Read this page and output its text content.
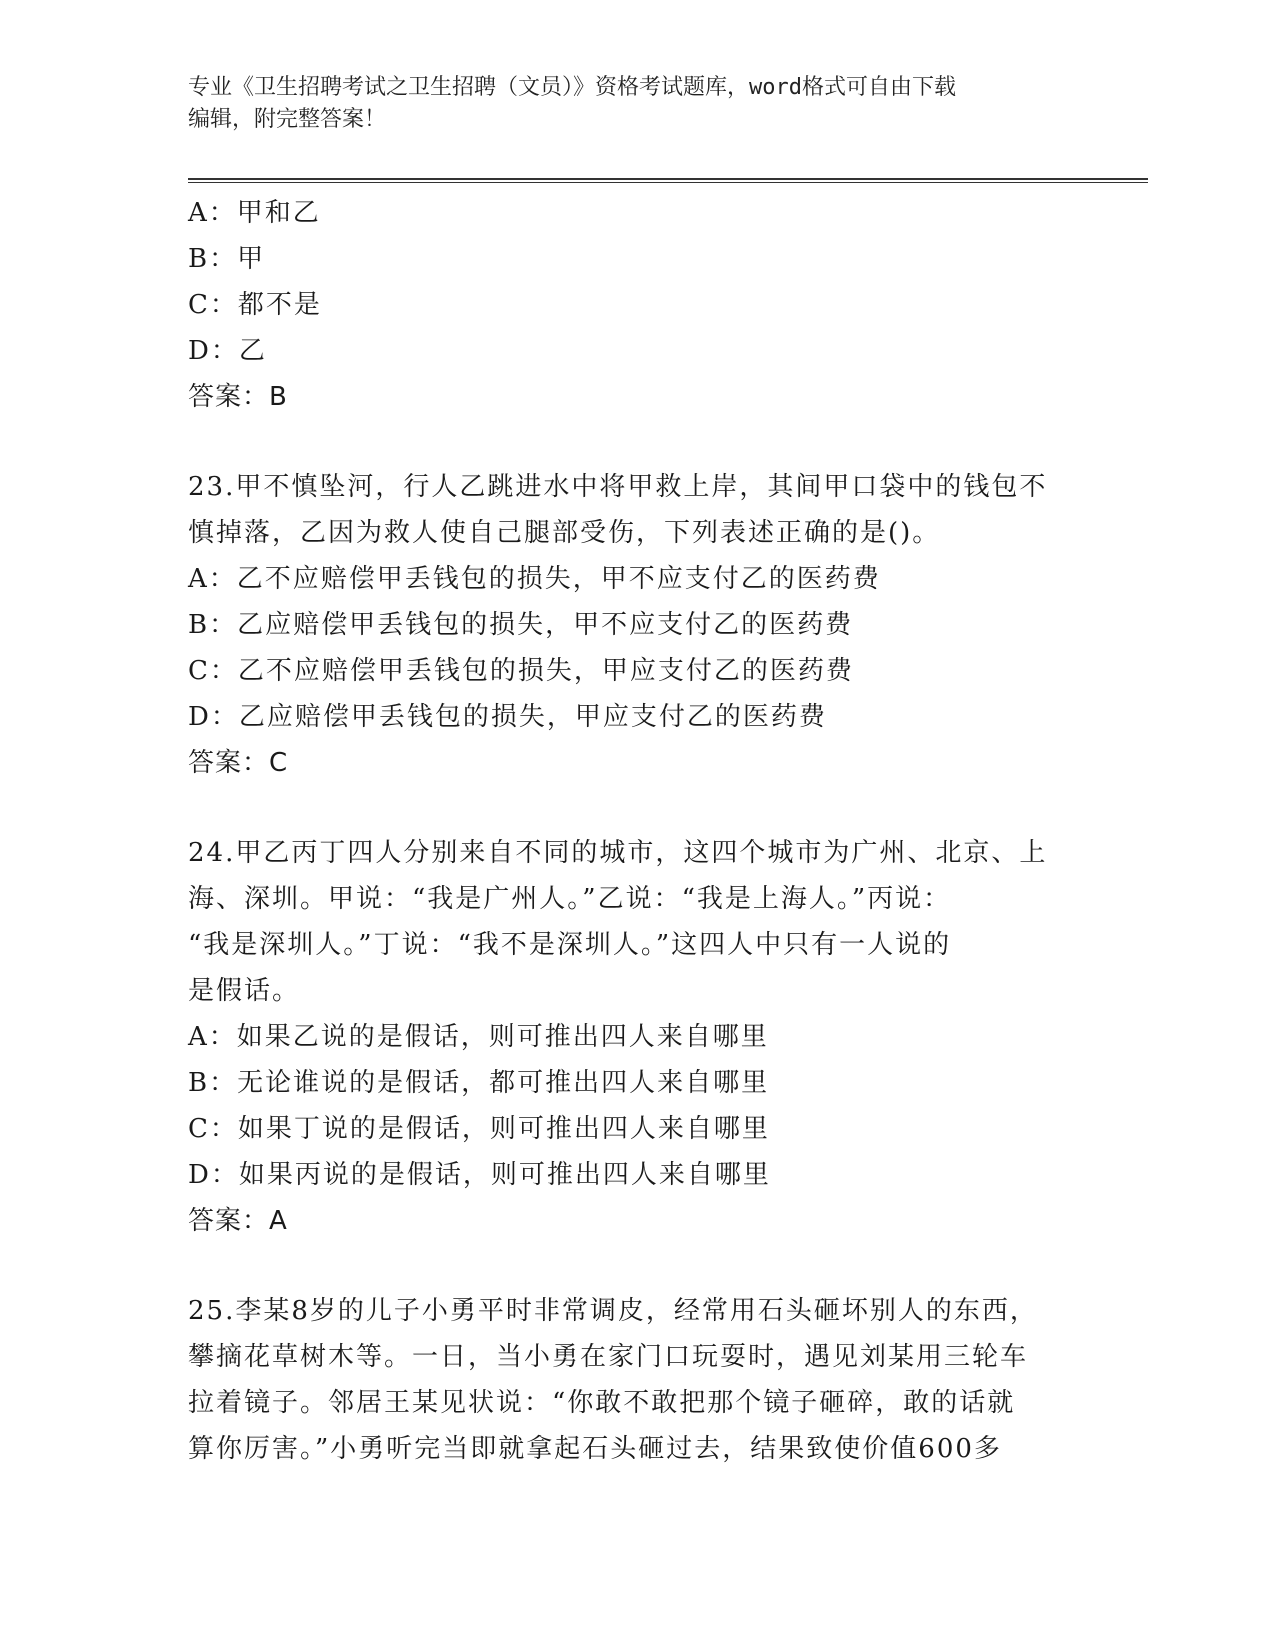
专业《卫生招聘考试之卫生招聘（文员）》资格考试题库，word格式可自由下载
编辑，附完整答案！
A：甲和乙
B：甲
C：都不是
D：乙
答案：B
23.甲不慎坠河，行人乙跳进水中将甲救上岸，其间甲口袋中的钱包不
慎掉落，乙因为救人使自己腿部受伤，下列表述正确的是()。
A：乙不应赔偿甲丢钱包的损失，甲不应支付乙的医药费
B：乙应赔偿甲丢钱包的损失，甲不应支付乙的医药费
C：乙不应赔偿甲丢钱包的损失，甲应支付乙的医药费
D：乙应赔偿甲丢钱包的损失，甲应支付乙的医药费
答案：C
24.甲乙丙丁四人分别来自不同的城市，这四个城市为广州、北京、上
海、深圳。甲说：“我是广州人。”乙说：“我是上海人。”丙说：
“我是深圳人。”丁说：“我不是深圳人。”这四人中只有一人说的
是假话。
A：如果乙说的是假话，则可推出四人来自哪里
B：无论谁说的是假话，都可推出四人来自哪里
C：如果丁说的是假话，则可推出四人来自哪里
D：如果丙说的是假话，则可推出四人来自哪里
答案：A
25.李某8岁的儿子小勇平时非常调皮，经常用石头砸坏别人的东西，
攀摘花草树木等。一日，当小勇在家门口玩耍时，遇见刘某用三轮车
拉着镜子。邻居王某见状说：“你敢不敢把那个镜子砸碎，敢的话就
算你厉害。”小勇听完当即就拿起石头砸过去，结果致使价值600多
